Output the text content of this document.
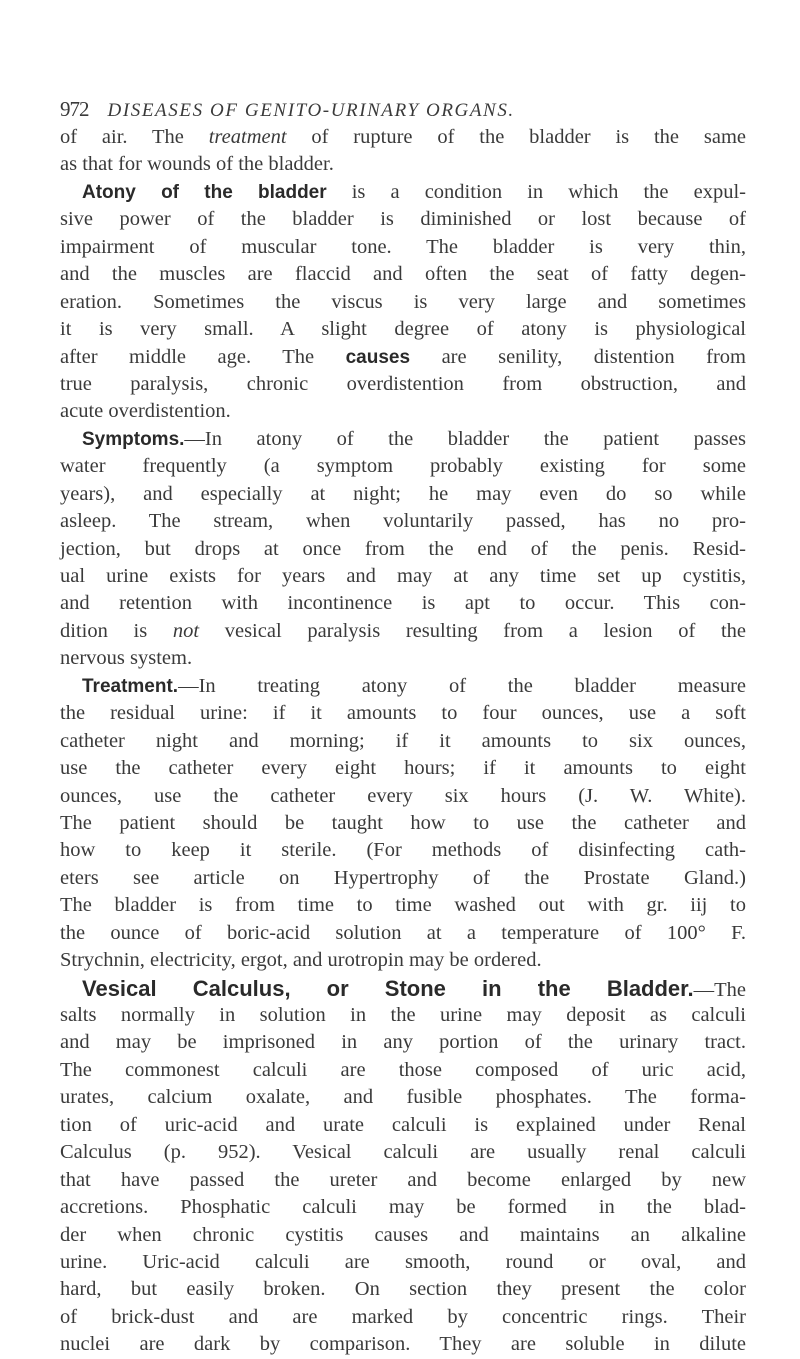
972 DISEASES OF GENITO-URINARY ORGANS.
of air. The treatment of rupture of the bladder is the same
as that for wounds of the bladder.
Atony of the bladder is a condition in which the expul-
sive power of the bladder is diminished or lost because of
impairment of muscular tone. The bladder is very thin,
and the muscles are flaccid and often the seat of fatty degen-
eration. Sometimes the viscus is very large and sometimes
it is very small. A slight degree of atony is physiological
after middle age. The causes are senility, distention from
true paralysis, chronic overdistention from obstruction, and
acute overdistention.
Symptoms.—In atony of the bladder the patient passes
water frequently (a symptom probably existing for some
years), and especially at night; he may even do so while
asleep. The stream, when voluntarily passed, has no pro-
jection, but drops at once from the end of the penis. Resid-
ual urine exists for years and may at any time set up cystitis,
and retention with incontinence is apt to occur. This con-
dition is not vesical paralysis resulting from a lesion of the
nervous system.
Treatment.—In treating atony of the bladder measure
the residual urine: if it amounts to four ounces, use a soft
catheter night and morning; if it amounts to six ounces,
use the catheter every eight hours; if it amounts to eight
ounces, use the catheter every six hours (J. W. White).
The patient should be taught how to use the catheter and
how to keep it sterile. (For methods of disinfecting cath-
eters see article on Hypertrophy of the Prostate Gland.)
The bladder is from time to time washed out with gr. iij to
the ounce of boric-acid solution at a temperature of 100° F.
Strychnin, electricity, ergot, and urotropin may be ordered.
Vesical Calculus, or Stone in the Bladder.—The
salts normally in solution in the urine may deposit as calculi
and may be imprisoned in any portion of the urinary tract.
The commonest calculi are those composed of uric acid,
urates, calcium oxalate, and fusible phosphates. The forma-
tion of uric-acid and urate calculi is explained under Renal
Calculus (p. 952). Vesical calculi are usually renal calculi
that have passed the ureter and become enlarged by new
accretions. Phosphatic calculi may be formed in the blad-
der when chronic cystitis causes and maintains an alkaline
urine. Uric-acid calculi are smooth, round or oval, and
hard, but easily broken. On section they present the color
of brick-dust and are marked by concentric rings. Their
nuclei are dark by comparison. They are soluble in dilute
